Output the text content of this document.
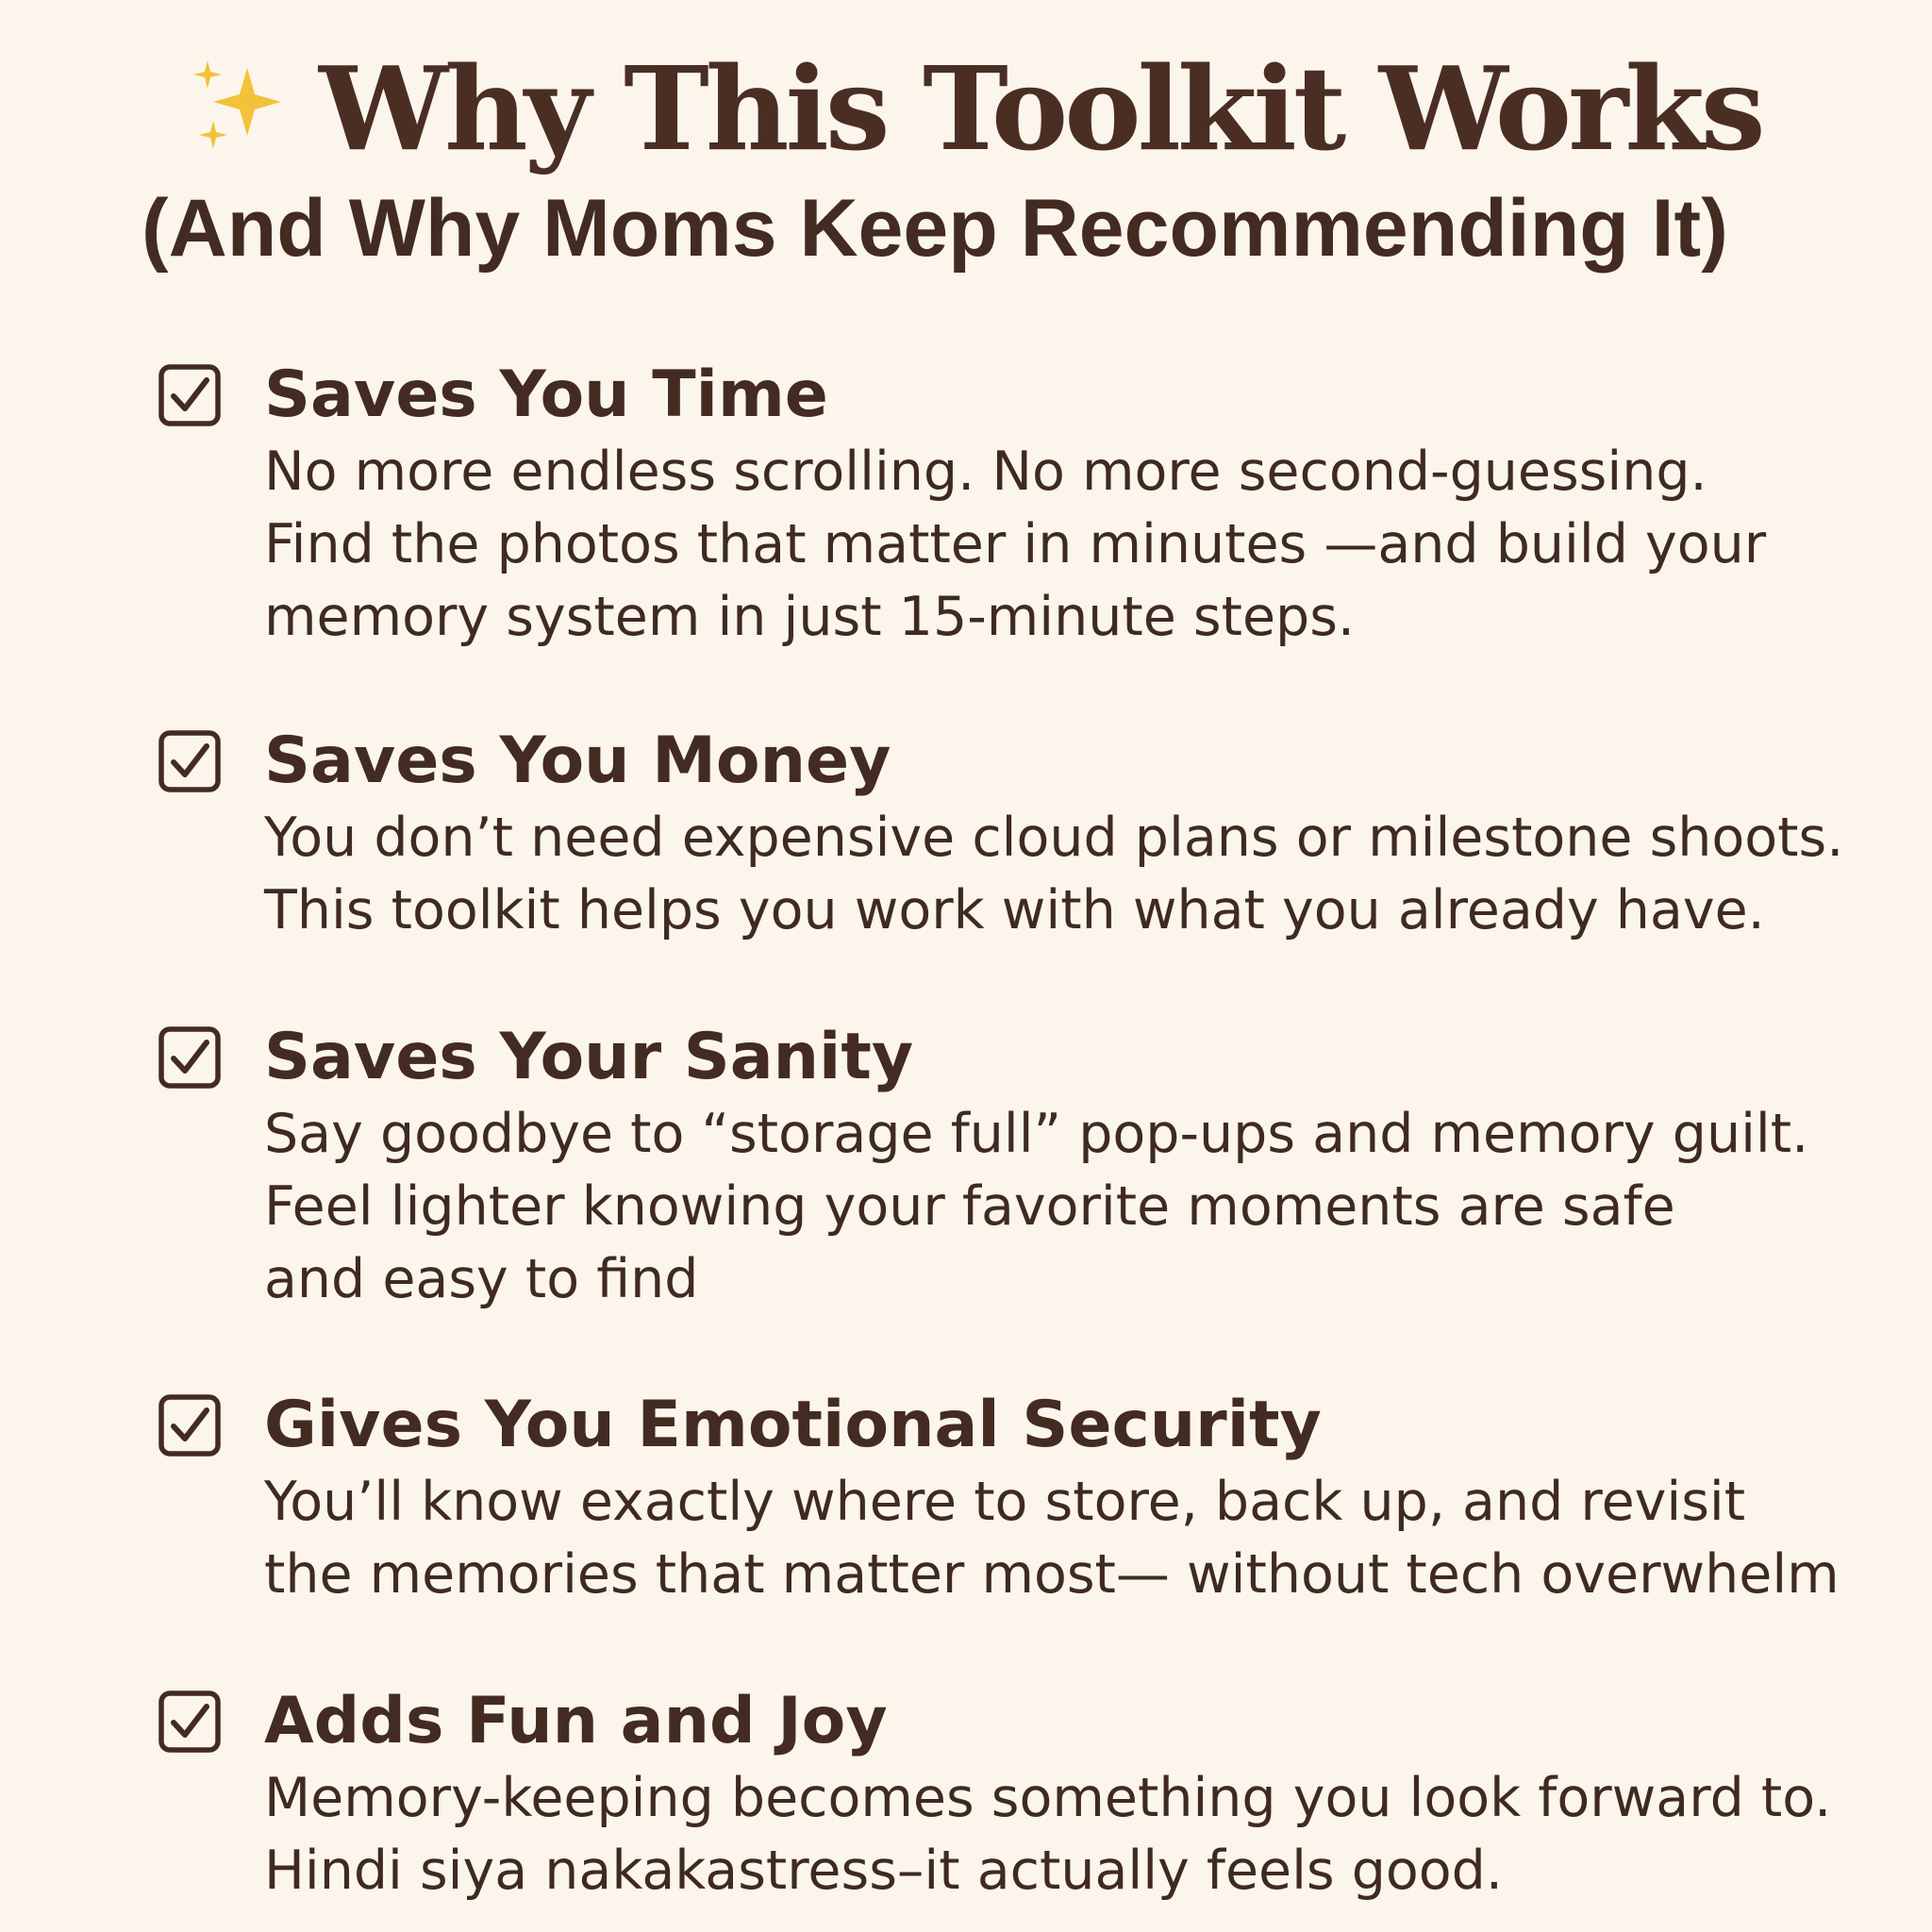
Why This Toolkit Works
(And Why Moms Keep Recommending It)
Saves You Time

No more endless scrolling. No more second-guessing.
Find the photos that matter in minutes —and build your
memory system in just 15-minute steps.

Saves You Money

You don’t need expensive cloud plans or milestone shoots.
This toolkit helps you work with what you already have.

Saves Your Sanity

Say goodbye to “storage full” pop-ups and memory guilt.
Feel lighter knowing your favorite moments are safe
and easy to find

Gives You Emotional Security

You’ll know exactly where to store, back up, and revisit
the memories that matter most— without tech overwhelm

Adds Fun and Joy

Memory-keeping becomes something you look forward to.
Hindi siya nakakastress–it actually feels good.
